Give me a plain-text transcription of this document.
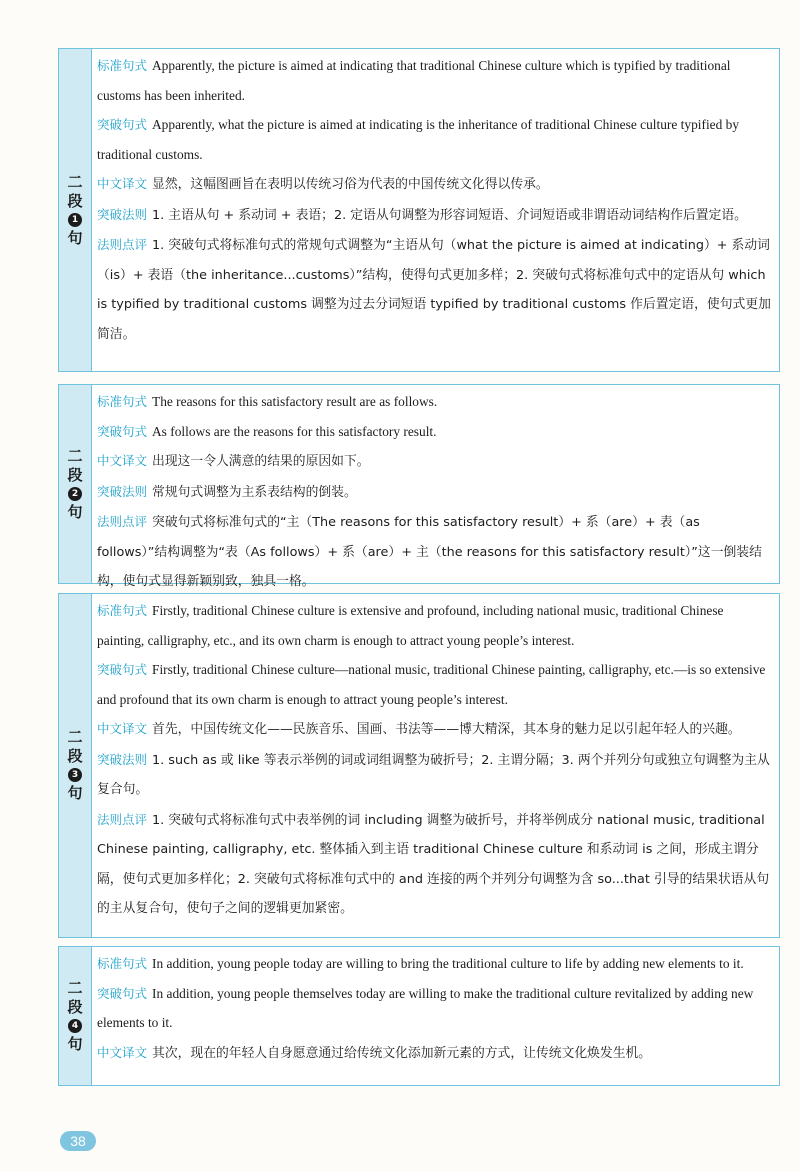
二
段
1
句

标准句式 Apparently, the picture is aimed at indicating that traditional Chinese culture which is typified by traditional customs has been inherited.

突破句式 Apparently, what the picture is aimed at indicating is the inheritance of traditional Chinese culture typified by traditional customs.

中文译文 显然，这幅图画旨在表明以传统习俗为代表的中国传统文化得以传承。

突破法则 1. 主语从句 + 系动词 + 表语；2. 定语从句调整为形容词短语、介词短语或非谓语动词结构作后置定语。

法则点评 1. 突破句式将标准句式的常规句式调整为“主语从句（what the picture is aimed at indicating）+ 系动词（is）+ 表语（the inheritance...customs）”结构，使得句式更加多样；2. 突破句式将标准句式中的定语从句 which is typified by traditional customs 调整为过去分词短语 typified by traditional customs 作后置定语，使句式更加简洁。

二
段
2
句

标准句式 The reasons for this satisfactory result are as follows.

突破句式 As follows are the reasons for this satisfactory result.

中文译文 出现这一令人满意的结果的原因如下。

突破法则 常规句式调整为主系表结构的倒装。

法则点评 突破句式将标准句式的“主（The reasons for this satisfactory result）+ 系（are）+ 表（as follows）”结构调整为“表（As follows）+ 系（are）+ 主（the reasons for this satisfactory result）”这一倒装结构，使句式显得新颖别致，独具一格。

二
段
3
句

标准句式 Firstly, traditional Chinese culture is extensive and profound, including national music, traditional Chinese painting, calligraphy, etc., and its own charm is enough to attract young people’s interest.

突破句式 Firstly, traditional Chinese culture—national music, traditional Chinese painting, calligraphy, etc.—is so extensive and profound that its own charm is enough to attract young people’s interest.

中文译文 首先，中国传统文化——民族音乐、国画、书法等——博大精深，其本身的魅力足以引起年轻人的兴趣。

突破法则 1. such as 或 like 等表示举例的词或词组调整为破折号；2. 主谓分隔；3. 两个并列分句或独立句调整为主从复合句。

法则点评 1. 突破句式将标准句式中表举例的词 including 调整为破折号，并将举例成分 national music, traditional Chinese painting, calligraphy, etc. 整体插入到主语 traditional Chinese culture 和系动词 is 之间，形成主谓分隔，使句式更加多样化；2. 突破句式将标准句式中的 and 连接的两个并列分句调整为含 so...that 引导的结果状语从句的主从复合句，使句子之间的逻辑更加紧密。

二
段
4
句

标准句式 In addition, young people today are willing to bring the traditional culture to life by adding new elements to it.

突破句式 In addition, young people themselves today are willing to make the traditional culture revitalized by adding new elements to it.

中文译文 其次，现在的年轻人自身愿意通过给传统文化添加新元素的方式，让传统文化焕发生机。

38
